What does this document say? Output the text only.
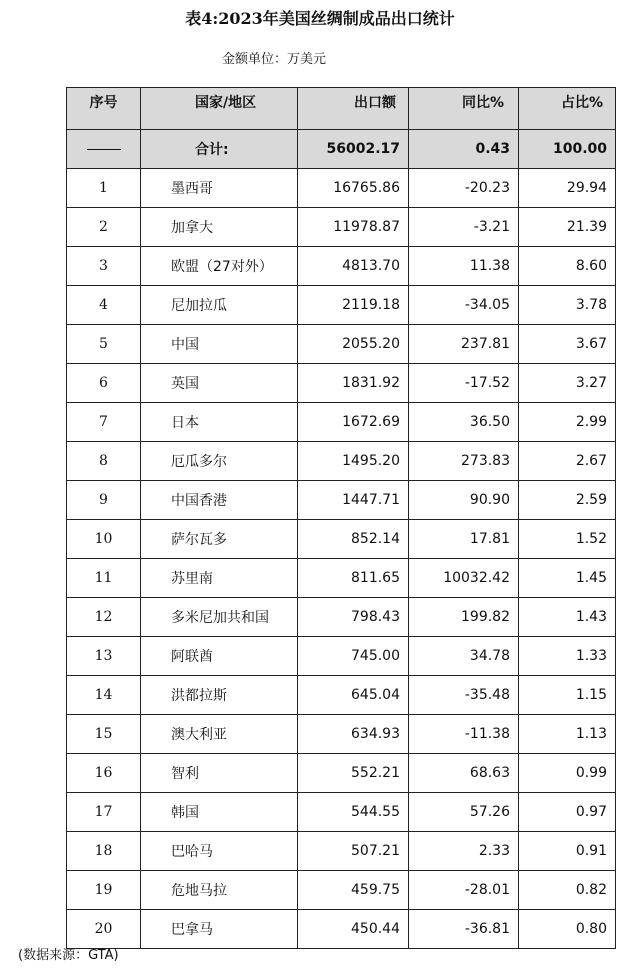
表4:2023年美国丝绸制成品出口统计
金额单位：万美元
序号	国家/地区	出口额	同比%	占比%
	合计:	56002.17	0.43	100.00
1	墨西哥	16765.86	-20.23	29.94
2	加拿大	11978.87	-3.21	21.39
3	欧盟（27对外）	4813.70	11.38	8.60
4	尼加拉瓜	2119.18	-34.05	3.78
5	中国	2055.20	237.81	3.67
6	英国	1831.92	-17.52	3.27
7	日本	1672.69	36.50	2.99
8	厄瓜多尔	1495.20	273.83	2.67
9	中国香港	1447.71	90.90	2.59
10	萨尔瓦多	852.14	17.81	1.52
11	苏里南	811.65	10032.42	1.45
12	多米尼加共和国	798.43	199.82	1.43
13	阿联酋	745.00	34.78	1.33
14	洪都拉斯	645.04	-35.48	1.15
15	澳大利亚	634.93	-11.38	1.13
16	智利	552.21	68.63	0.99
17	韩国	544.55	57.26	0.97
18	巴哈马	507.21	2.33	0.91
19	危地马拉	459.75	-28.01	0.82
20	巴拿马	450.44	-36.81	0.80
(数据来源：GTA)
